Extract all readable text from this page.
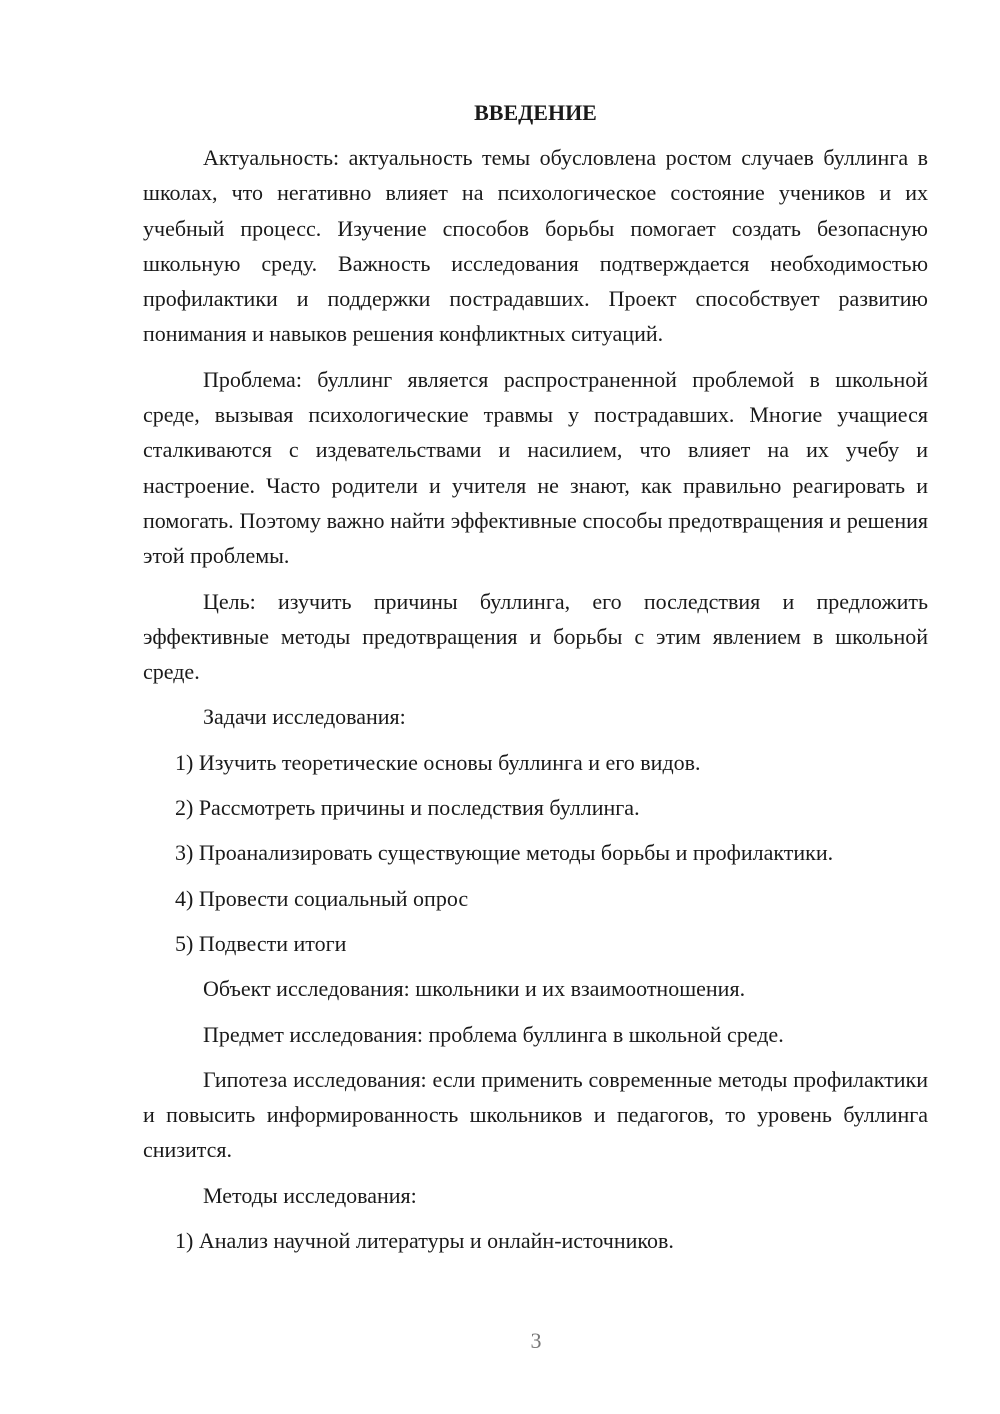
ВВЕДЕНИЕ
Актуальность: актуальность темы обусловлена ростом случаев буллинга в школах, что негативно влияет на психологическое состояние учеников и их учебный процесс. Изучение способов борьбы помогает создать безопасную школьную среду. Важность исследования подтверждается необходимостью профилактики и поддержки пострадавших. Проект способствует развитию понимания и навыков решения конфликтных ситуаций.
Проблема: буллинг является распространенной проблемой в школьной среде, вызывая психологические травмы у пострадавших. Многие учащиеся сталкиваются с издевательствами и насилием, что влияет на их учебу и настроение. Часто родители и учителя не знают, как правильно реагировать и помогать. Поэтому важно найти эффективные способы предотвращения и решения этой проблемы.
Цель: изучить причины буллинга, его последствия и предложить эффективные методы предотвращения и борьбы с этим явлением в школьной среде.
Задачи исследования:
1) Изучить теоретические основы буллинга и его видов.
2) Рассмотреть причины и последствия буллинга.
3) Проанализировать существующие методы борьбы и профилактики.
4) Провести социальный опрос
5) Подвести итоги
Объект исследования: школьники и их взаимоотношения.
Предмет исследования: проблема буллинга в школьной среде.
Гипотеза исследования: если применить современные методы профилактики и повысить информированность школьников и педагогов, то уровень буллинга снизится.
Методы исследования:
1) Анализ научной литературы и онлайн-источников.
3
